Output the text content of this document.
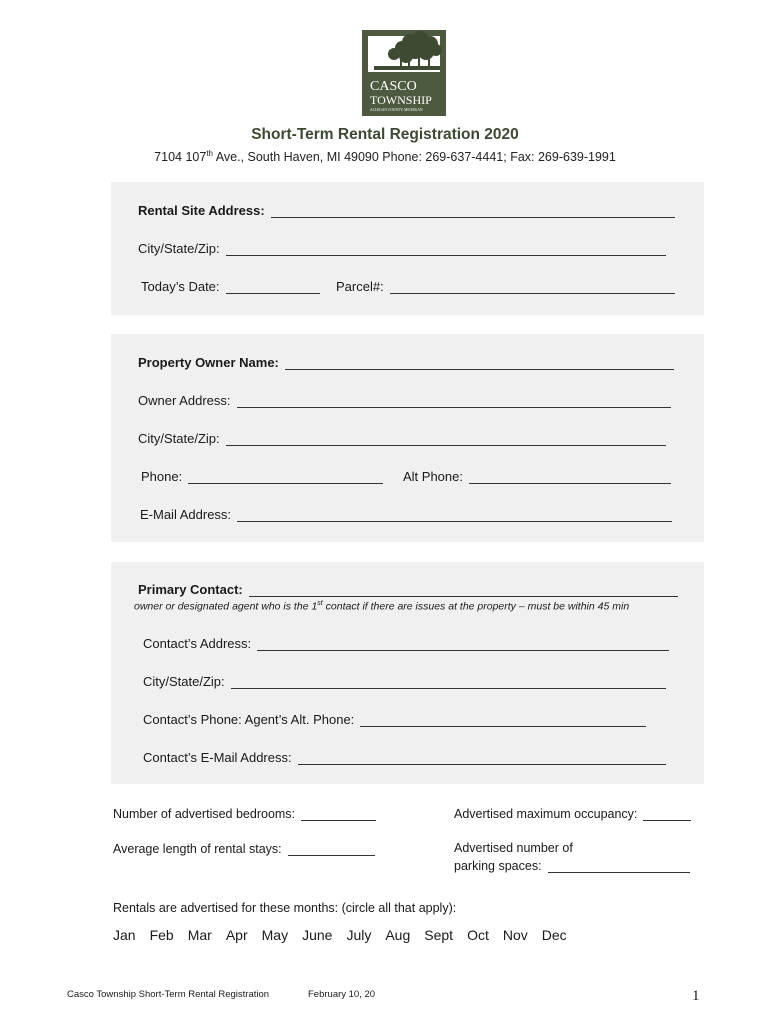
CASCO
TOWNSHIP
ALLEGAN COUNTY, MICHIGAN
Short-Term Rental Registration 2020
7104 107th Ave., South Haven, MI 49090 Phone: 269-637-4441; Fax: 269-639-1991
Rental Site Address:
City/State/Zip:
Today’s Date:	Parcel#:
Property Owner Name:
Owner Address:
City/State/Zip:
Phone:	Alt Phone:
E-Mail Address:
Primary Contact:
owner or designated agent who is the 1st contact if there are issues at the property – must be within 45 min
Contact’s Address:
City/State/Zip:
Contact’s Phone: Agent’s Alt. Phone:
Contact’s E-Mail Address:
Number of advertised bedrooms:	Advertised maximum occupancy:
Average length of rental stays:	Advertised number of
parking spaces:
Rentals are advertised for these months: (circle all that apply):
Jan Feb Mar Apr May June July Aug Sept Oct Nov Dec
Casco Township Short-Term Rental Registration	February 10, 20	1
